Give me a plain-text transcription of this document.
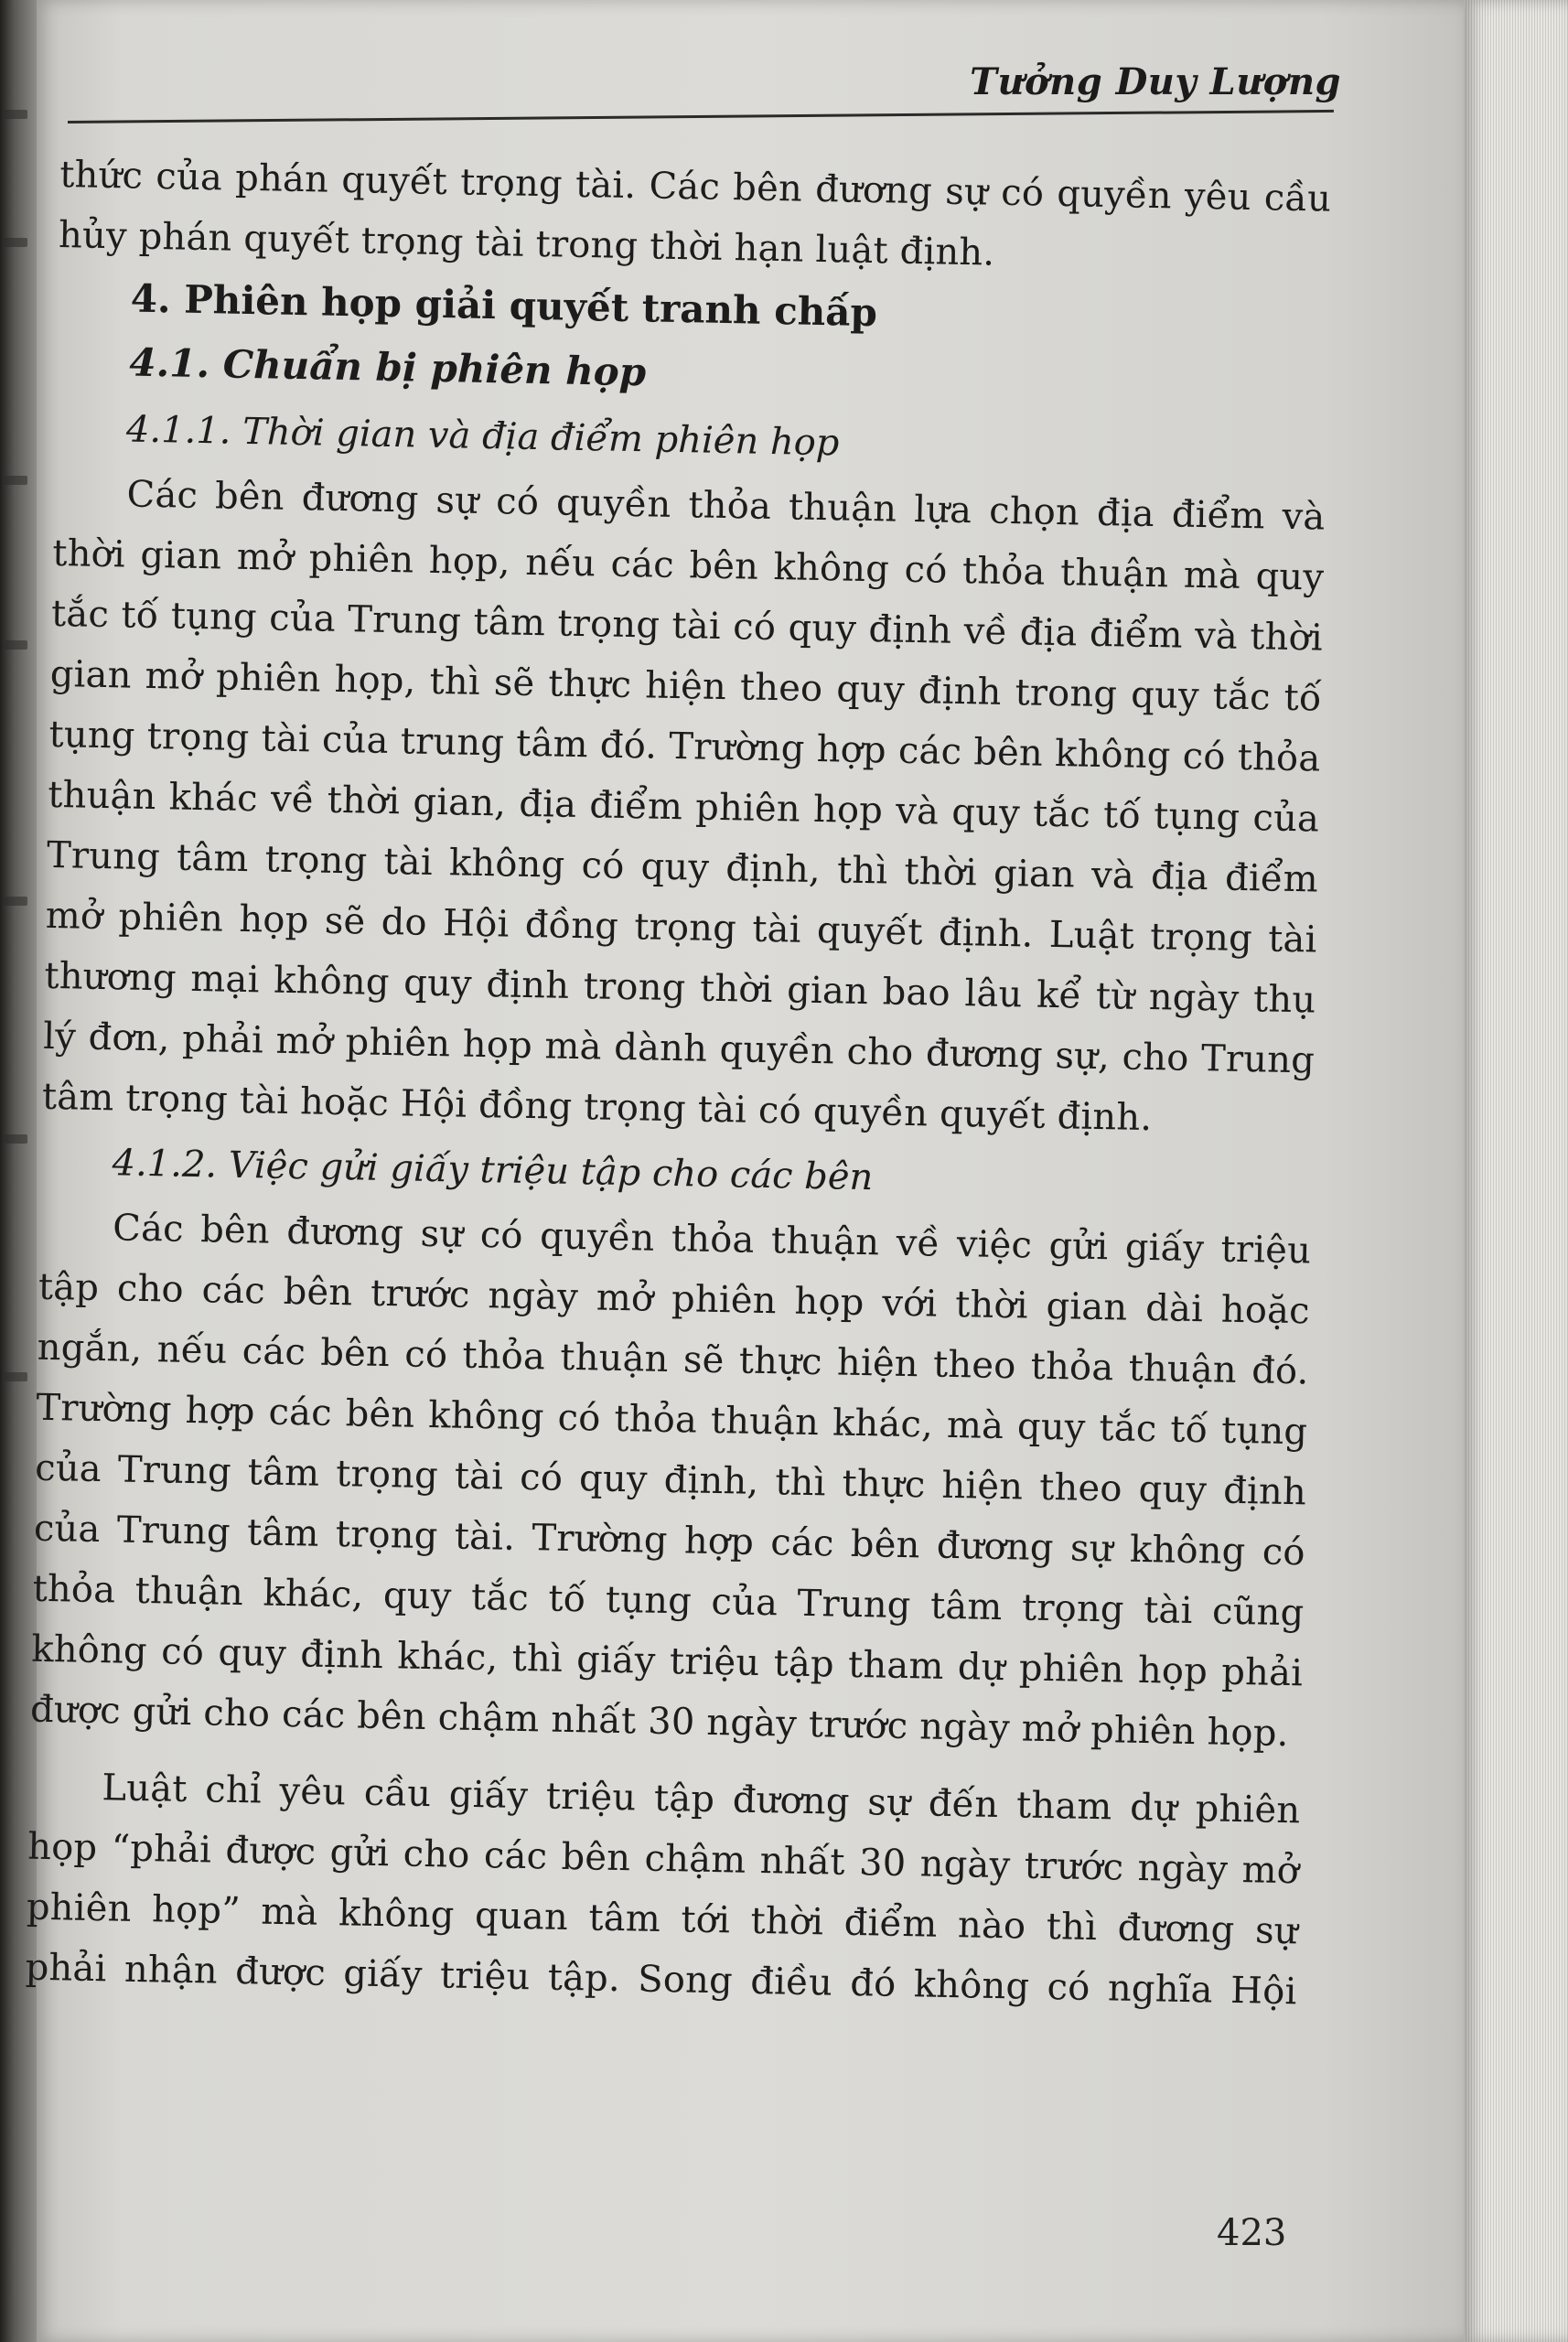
Tưởng Duy Lượng
thức của phán quyết trọng tài. Các bên đương sự có quyền yêu cầu
hủy phán quyết trọng tài trong thời hạn luật định.
4. Phiên họp giải quyết tranh chấp
4.1. Chuẩn bị phiên họp
4.1.1. Thời gian và địa điểm phiên họp
Các bên đương sự có quyền thỏa thuận lựa chọn địa điểm và
thời gian mở phiên họp, nếu các bên không có thỏa thuận mà quy
tắc tố tụng của Trung tâm trọng tài có quy định về địa điểm và thời
gian mở phiên họp, thì sẽ thực hiện theo quy định trong quy tắc tố
tụng trọng tài của trung tâm đó. Trường hợp các bên không có thỏa
thuận khác về thời gian, địa điểm phiên họp và quy tắc tố tụng của
Trung tâm trọng tài không có quy định, thì thời gian và địa điểm
mở phiên họp sẽ do Hội đồng trọng tài quyết định. Luật trọng tài
thương mại không quy định trong thời gian bao lâu kể từ ngày thụ
lý đơn, phải mở phiên họp mà dành quyền cho đương sự, cho Trung
tâm trọng tài hoặc Hội đồng trọng tài có quyền quyết định.
4.1.2. Việc gửi giấy triệu tập cho các bên
Các bên đương sự có quyền thỏa thuận về việc gửi giấy triệu
tập cho các bên trước ngày mở phiên họp với thời gian dài hoặc
ngắn, nếu các bên có thỏa thuận sẽ thực hiện theo thỏa thuận đó.
Trường hợp các bên không có thỏa thuận khác, mà quy tắc tố tụng
của Trung tâm trọng tài có quy định, thì thực hiện theo quy định
của Trung tâm trọng tài. Trường hợp các bên đương sự không có
thỏa thuận khác, quy tắc tố tụng của Trung tâm trọng tài cũng
không có quy định khác, thì giấy triệu tập tham dự phiên họp phải
được gửi cho các bên chậm nhất 30 ngày trước ngày mở phiên họp.
Luật chỉ yêu cầu giấy triệu tập đương sự đến tham dự phiên
họp “phải được gửi cho các bên chậm nhất 30 ngày trước ngày mở
phiên họp” mà không quan tâm tới thời điểm nào thì đương sự
phải nhận được giấy triệu tập. Song điều đó không có nghĩa Hội
423
